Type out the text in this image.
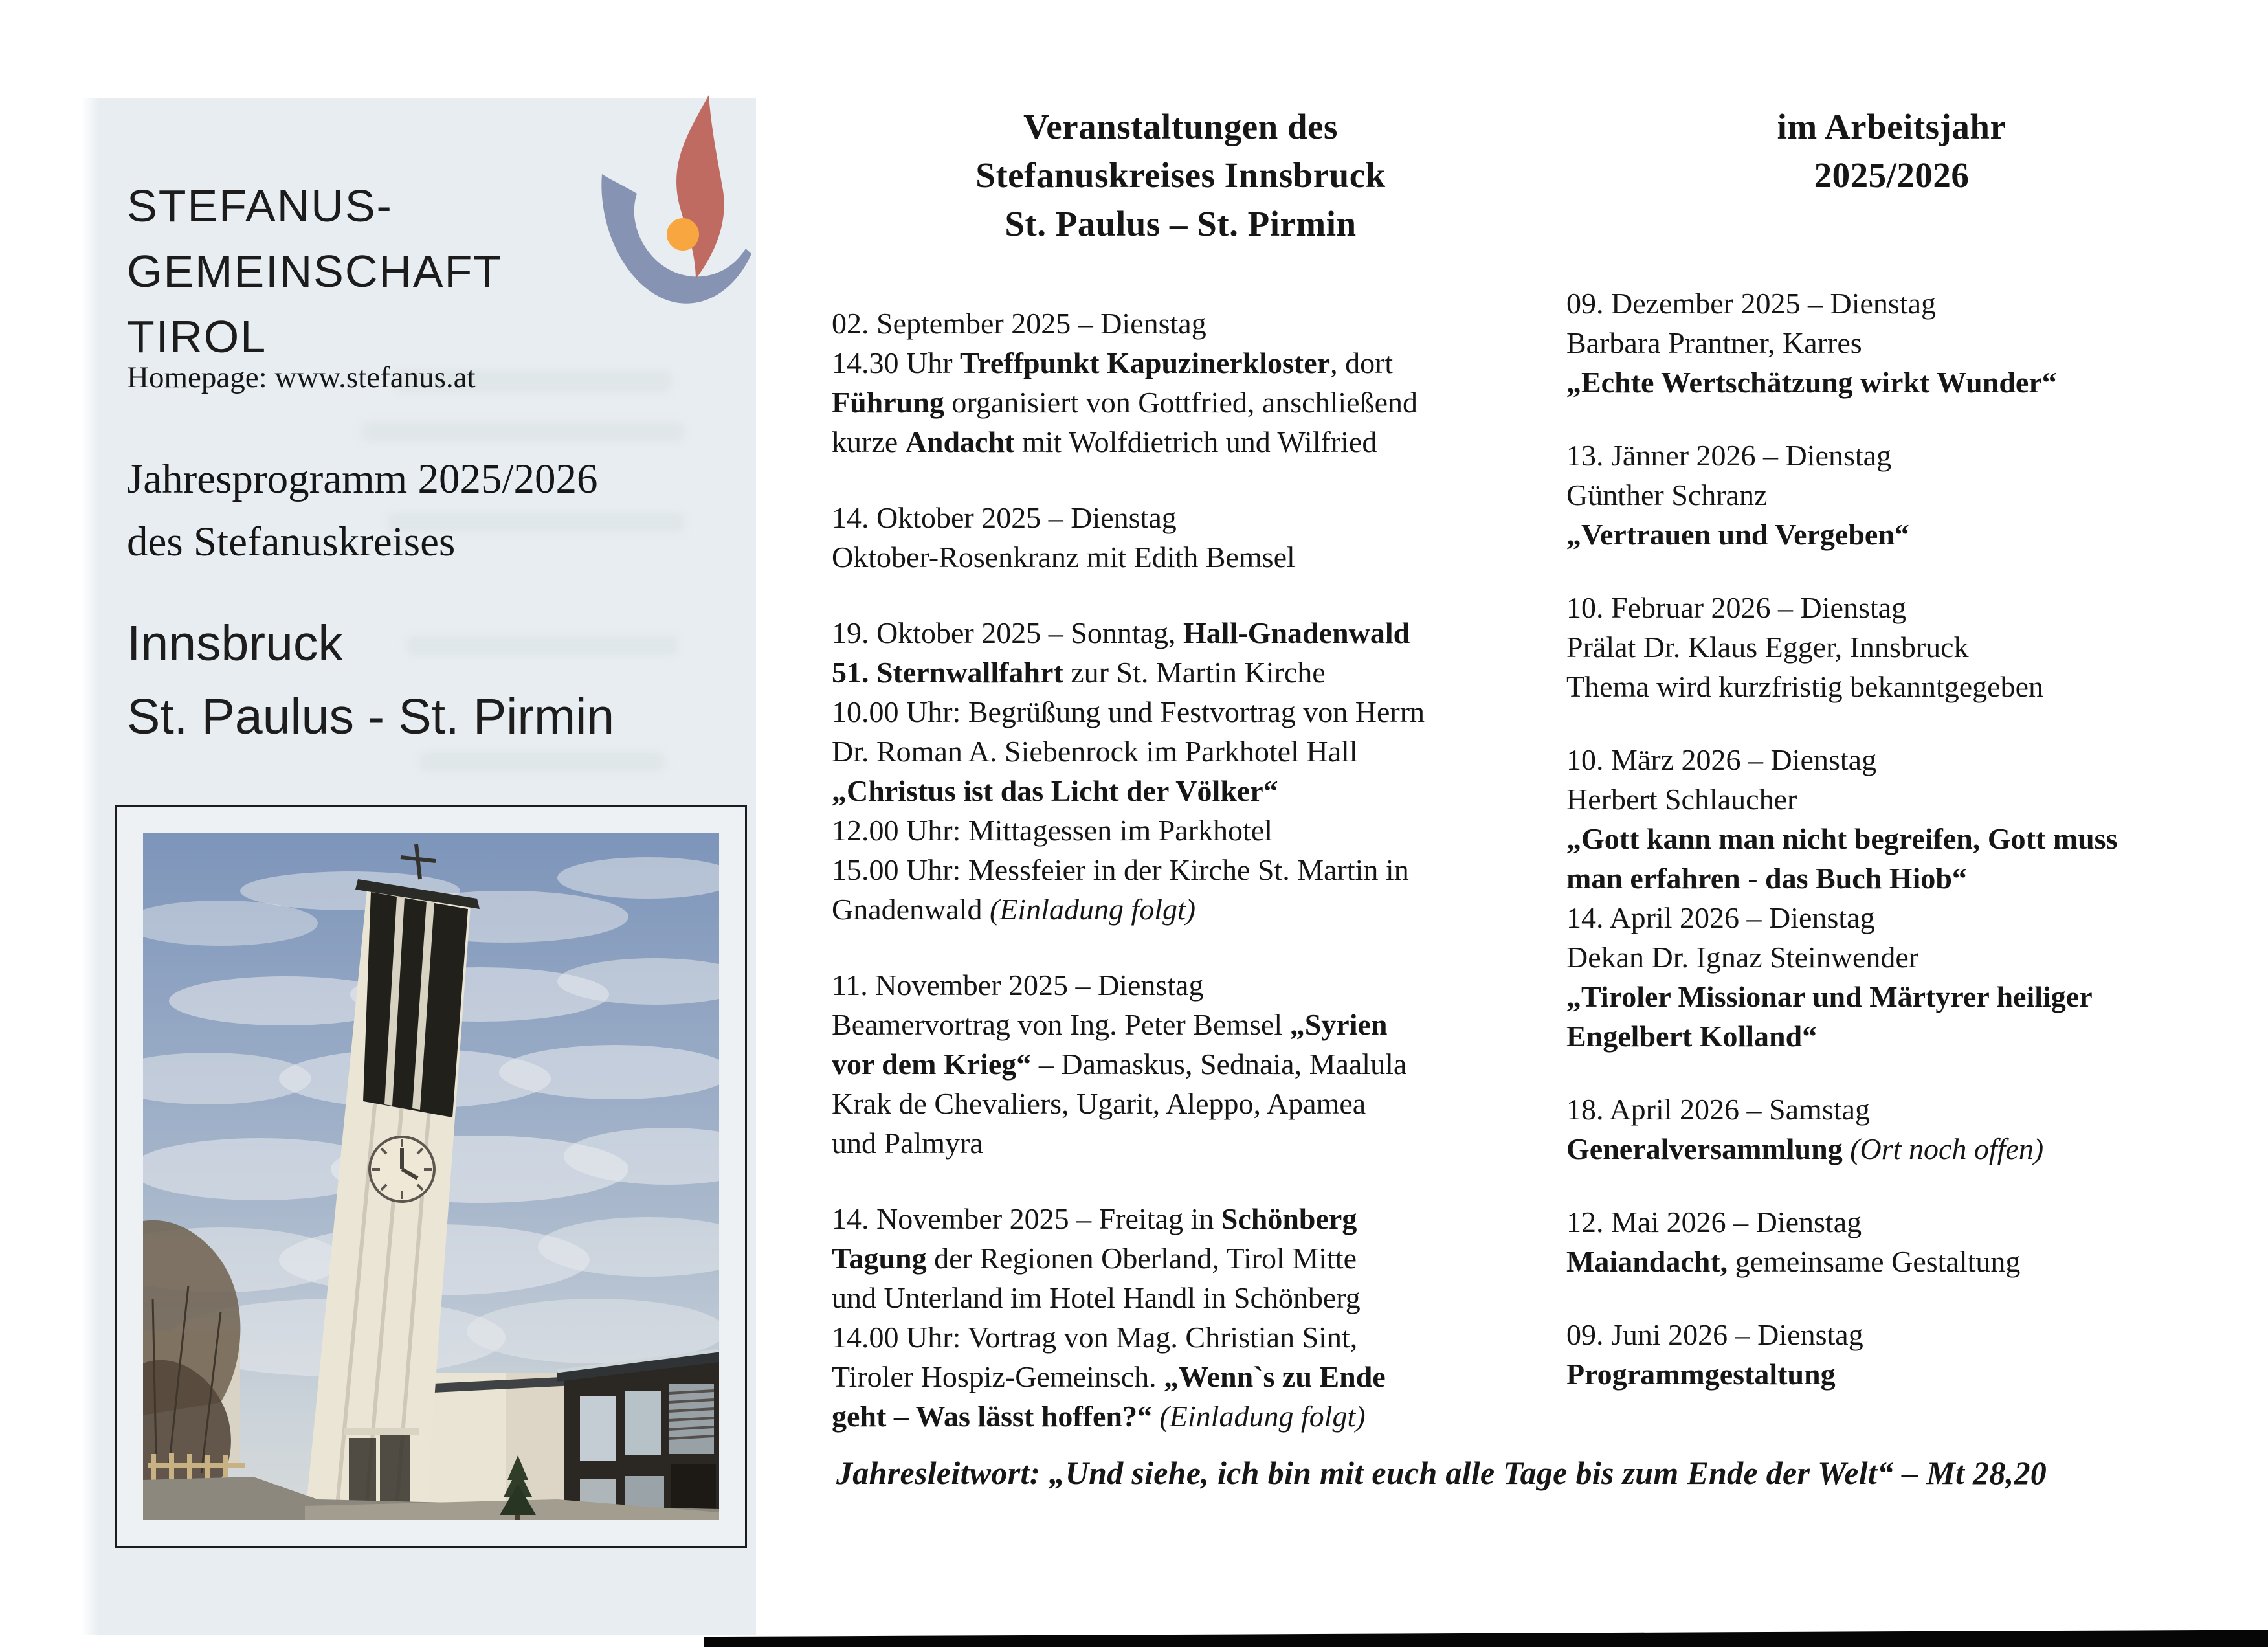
STEFANUS-
GEMEINSCHAFT
TIROL
Homepage: www.stefanus.at
Jahresprogramm 2025/2026
des Stefanuskreises
Innsbruck
St. Paulus - St. Pirmin
Veranstaltungen des
Stefanuskreises Innsbruck
St. Paulus – St. Pirmin
02. September 2025 – Dienstag
14.30 Uhr Treffpunkt Kapuzinerkloster, dort
Führung organisiert von Gottfried, anschließend
kurze Andacht mit Wolfdietrich und Wilfried
14. Oktober 2025 – Dienstag
Oktober-Rosenkranz mit Edith Bemsel
19. Oktober 2025 – Sonntag, Hall-Gnadenwald
51. Sternwallfahrt zur St. Martin Kirche
10.00 Uhr: Begrüßung und Festvortrag von Herrn
Dr. Roman A. Siebenrock im Parkhotel Hall
„Christus ist das Licht der Völker“
12.00 Uhr: Mittagessen im Parkhotel
15.00 Uhr: Messfeier in der Kirche St. Martin in
Gnadenwald (Einladung folgt)
11. November 2025 – Dienstag
Beamervortrag von Ing. Peter Bemsel „Syrien
vor dem Krieg“ – Damaskus, Sednaia, Maalula
Krak de Chevaliers, Ugarit, Aleppo, Apamea
und Palmyra
14. November 2025 – Freitag in Schönberg
Tagung der Regionen Oberland, Tirol Mitte
und Unterland im Hotel Handl in Schönberg
14.00 Uhr: Vortrag von Mag. Christian Sint,
Tiroler Hospiz-Gemeinsch. „Wenn`s zu Ende
geht – Was lässt hoffen?“ (Einladung folgt)
im Arbeitsjahr
2025/2026
09. Dezember 2025 – Dienstag
Barbara Prantner, Karres
„Echte Wertschätzung wirkt Wunder“
13. Jänner 2026 – Dienstag
Günther Schranz
„Vertrauen und Vergeben“
10. Februar 2026 – Dienstag
Prälat Dr. Klaus Egger, Innsbruck
Thema wird kurzfristig bekanntgegeben
10. März 2026 – Dienstag
Herbert Schlaucher
„Gott kann man nicht begreifen, Gott muss
man erfahren - das Buch Hiob“
14. April 2026 – Dienstag
Dekan Dr. Ignaz Steinwender
„Tiroler Missionar und Märtyrer heiliger
Engelbert Kolland“
18. April 2026 – Samstag
Generalversammlung (Ort noch offen)
12. Mai 2026 – Dienstag
Maiandacht, gemeinsame Gestaltung
09. Juni 2026 – Dienstag
Programmgestaltung
Jahresleitwort: „Und siehe, ich bin mit euch alle Tage bis zum Ende der Welt“ – Mt 28,20
